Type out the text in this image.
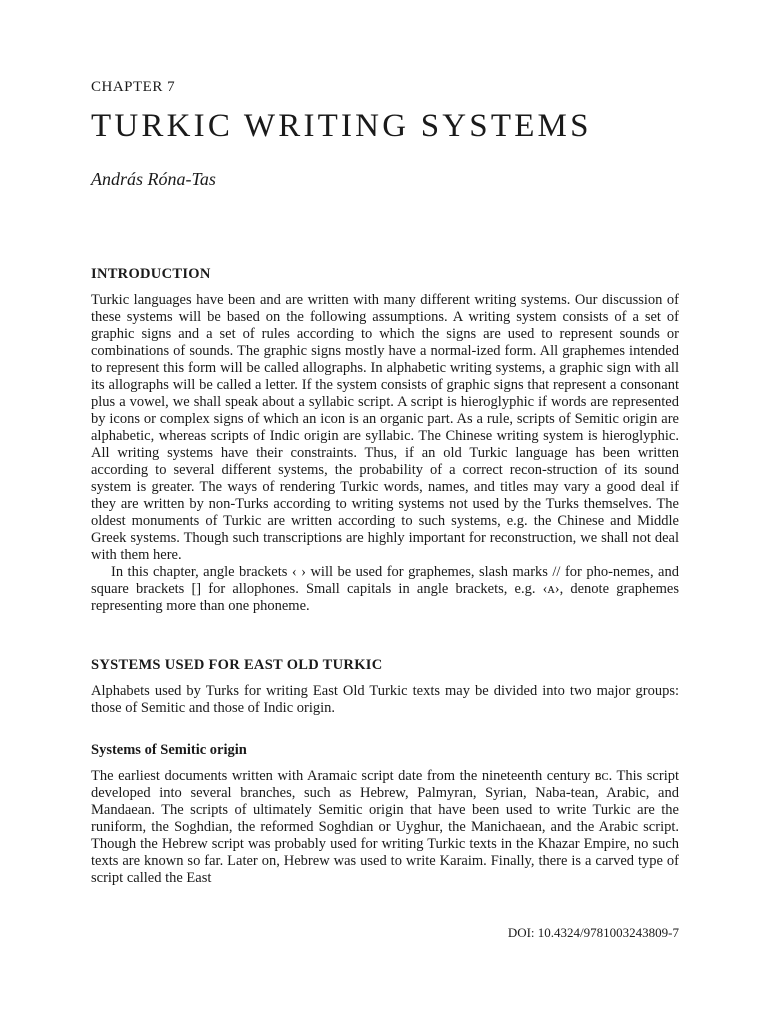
CHAPTER 7
TURKIC WRITING SYSTEMS
András Róna-Tas
INTRODUCTION

Turkic languages have been and are written with many different writing systems. Our discussion of these systems will be based on the following assumptions. A writing system consists of a set of graphic signs and a set of rules according to which the signs are used to represent sounds or combinations of sounds. The graphic signs mostly have a normal-ized form. All graphemes intended to represent this form will be called allographs. In alphabetic writing systems, a graphic sign with all its allographs will be called a letter. If the system consists of graphic signs that represent a consonant plus a vowel, we shall speak about a syllabic script. A script is hieroglyphic if words are represented by icons or complex signs of which an icon is an organic part. As a rule, scripts of Semitic origin are alphabetic, whereas scripts of Indic origin are syllabic. The Chinese writing system is hieroglyphic. All writing systems have their constraints. Thus, if an old Turkic language has been written according to several different systems, the probability of a correct recon-struction of its sound system is greater. The ways of rendering Turkic words, names, and titles may vary a good deal if they are written by non-Turks according to writing systems not used by the Turks themselves. The oldest monuments of Turkic are written according to such systems, e.g. the Chinese and Middle Greek systems. Though such transcriptions are highly important for reconstruction, we shall not deal with them here.

In this chapter, angle brackets ‹ › will be used for graphemes, slash marks // for pho-nemes, and square brackets [] for allophones. Small capitals in angle brackets, e.g. ‹ᴀ›, denote graphemes representing more than one phoneme.

SYSTEMS USED FOR EAST OLD TURKIC

Alphabets used by Turks for writing East Old Turkic texts may be divided into two major groups: those of Semitic and those of Indic origin.

Systems of Semitic origin

The earliest documents written with Aramaic script date from the nineteenth century ʙᴄ. This script developed into several branches, such as Hebrew, Palmyran, Syrian, Naba-tean, Arabic, and Mandaean. The scripts of ultimately Semitic origin that have been used to write Turkic are the runiform, the Soghdian, the reformed Soghdian or Uyghur, the Manichaean, and the Arabic script. Though the Hebrew script was probably used for writing Turkic texts in the Khazar Empire, no such texts are known so far. Later on, Hebrew was used to write Karaim. Finally, there is a carved type of script called the East

DOI: 10.4324/9781003243809-7
